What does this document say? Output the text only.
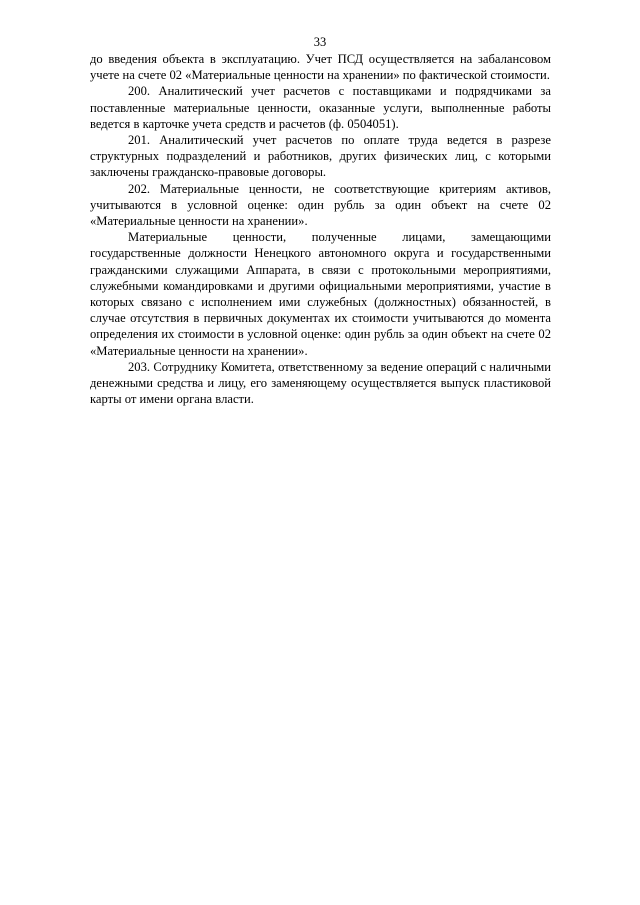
33

до введения объекта в эксплуатацию. Учет ПСД осуществляется на забалансовом учете на счете 02 «Материальные ценности на хранении» по фактической стоимости.

200. Аналитический учет расчетов с поставщиками и подрядчиками за поставленные материальные ценности, оказанные услуги, выполненные работы ведется в карточке учета средств и расчетов (ф. 0504051).

201. Аналитический учет расчетов по оплате труда ведется в разрезе структурных подразделений и работников, других физических лиц, с которыми заключены гражданско-правовые договоры.

202. Материальные ценности, не соответствующие критериям активов, учитываются в условной оценке: один рубль за один объект на счете 02 «Материальные ценности на хранении».

Материальные ценности, полученные лицами, замещающими государственные должности Ненецкого автономного округа и государственными гражданскими служащими Аппарата, в связи с протокольными мероприятиями, служебными командировками и другими официальными мероприятиями, участие в которых связано с исполнением ими служебных (должностных) обязанностей, в случае отсутствия в первичных документах их стоимости учитываются до момента определения их стоимости в условной оценке: один рубль за один объект на счете 02 «Материальные ценности на хранении».

203. Сотруднику Комитета, ответственному за ведение операций с наличными денежными средства и лицу, его заменяющему осуществляется выпуск пластиковой карты от имени органа власти.
